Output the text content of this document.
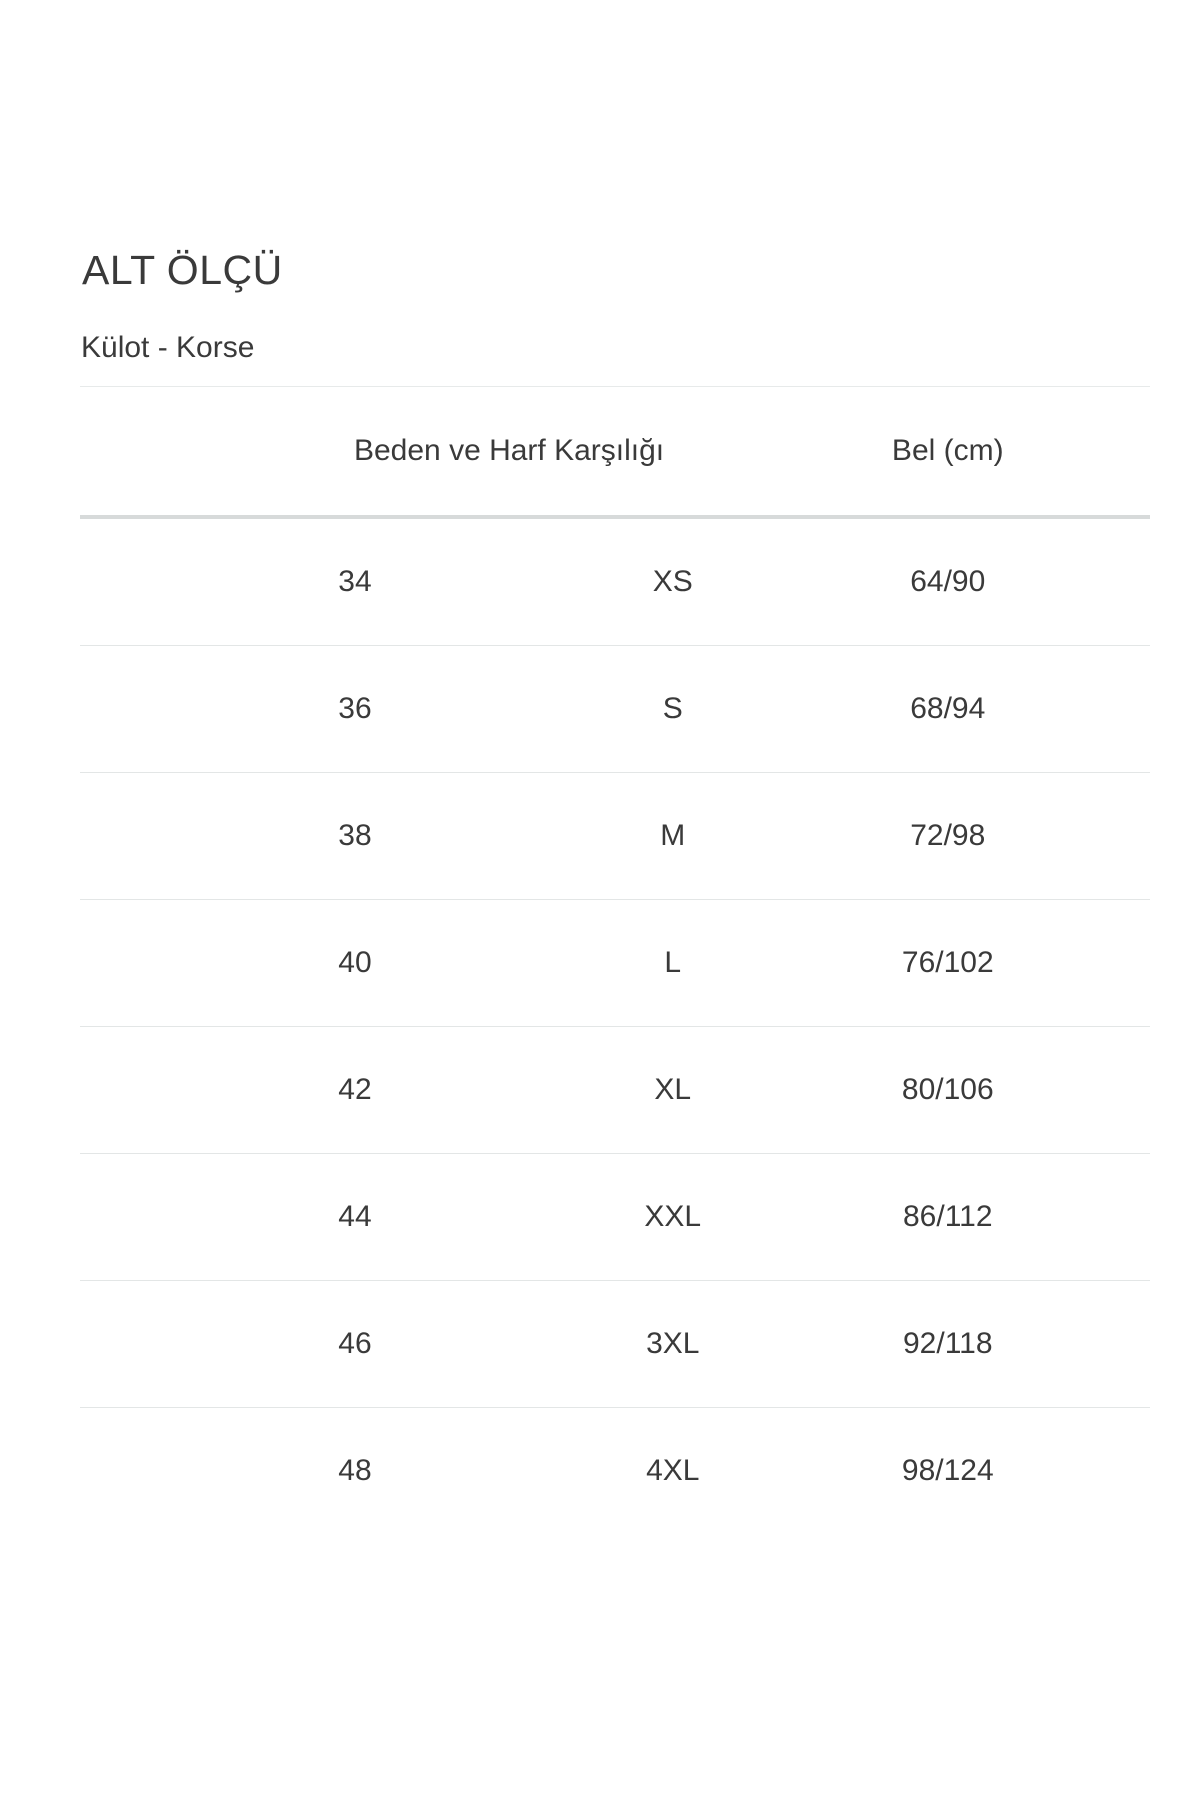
ALT ÖLÇÜ
Külot - Korse
Beden ve Harf Karşılığı	Bel (cm)
34	XS	64/90
36	S	68/94
38	M	72/98
40	L	76/102
42	XL	80/106
44	XXL	86/112
46	3XL	92/118
48	4XL	98/124
